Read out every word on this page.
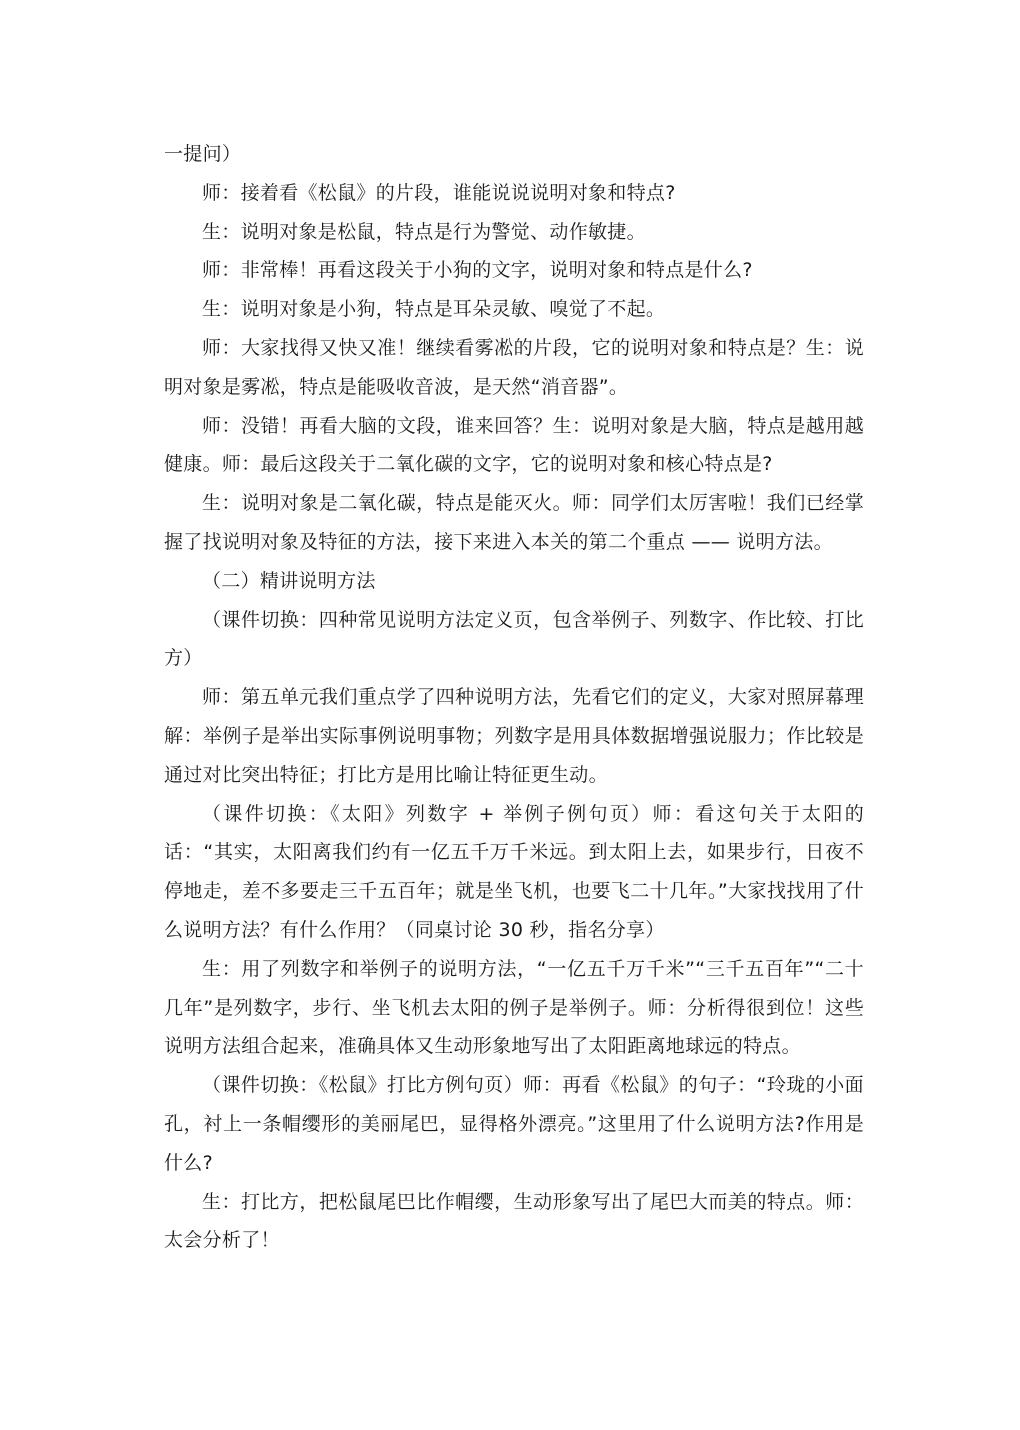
一提问）

师：接着看《松鼠》的片段，谁能说说说明对象和特点?

生：说明对象是松鼠，特点是行为警觉、动作敏捷。

师：非常棒！再看这段关于小狗的文字，说明对象和特点是什么?

生：说明对象是小狗，特点是耳朵灵敏、嗅觉了不起。

师：大家找得又快又准！继续看雾凇的片段，它的说明对象和特点是？生：说明对象是雾凇，特点是能吸收音波，是天然“消音器”。

师：没错！再看大脑的文段，谁来回答？生：说明对象是大脑，特点是越用越健康。师：最后这段关于二氧化碳的文字，它的说明对象和核心特点是?

生：说明对象是二氧化碳，特点是能灭火。师：同学们太厉害啦！我们已经掌握了找说明对象及特征的方法，接下来进入本关的第二个重点 —— 说明方法。

（二）精讲说明方法

（课件切换：四种常见说明方法定义页，包含举例子、列数字、作比较、打比方）

师：第五单元我们重点学了四种说明方法，先看它们的定义，大家对照屏幕理解：举例子是举出实际事例说明事物；列数字是用具体数据增强说服力；作比较是通过对比突出特征；打比方是用比喻让特征更生动。

（课件切换：《太阳》列数字 + 举例子例句页）师：看这句关于太阳的话：“其实，太阳离我们约有一亿五千万千米远。到太阳上去，如果步行，日夜不停地走，差不多要走三千五百年；就是坐飞机，也要飞二十几年。”大家找找用了什么说明方法？有什么作用？（同桌讨论 30 秒，指名分享）

生：用了列数字和举例子的说明方法，“一亿五千万千米”“三千五百年”“二十几年”是列数字，步行、坐飞机去太阳的例子是举例子。师：分析得很到位！这些说明方法组合起来，准确具体又生动形象地写出了太阳距离地球远的特点。

（课件切换：《松鼠》打比方例句页）师：再看《松鼠》的句子：“玲珑的小面孔，衬上一条帽缨形的美丽尾巴，显得格外漂亮。”这里用了什么说明方法?作用是什么?

生：打比方，把松鼠尾巴比作帽缨，生动形象写出了尾巴大而美的特点。师：太会分析了！
